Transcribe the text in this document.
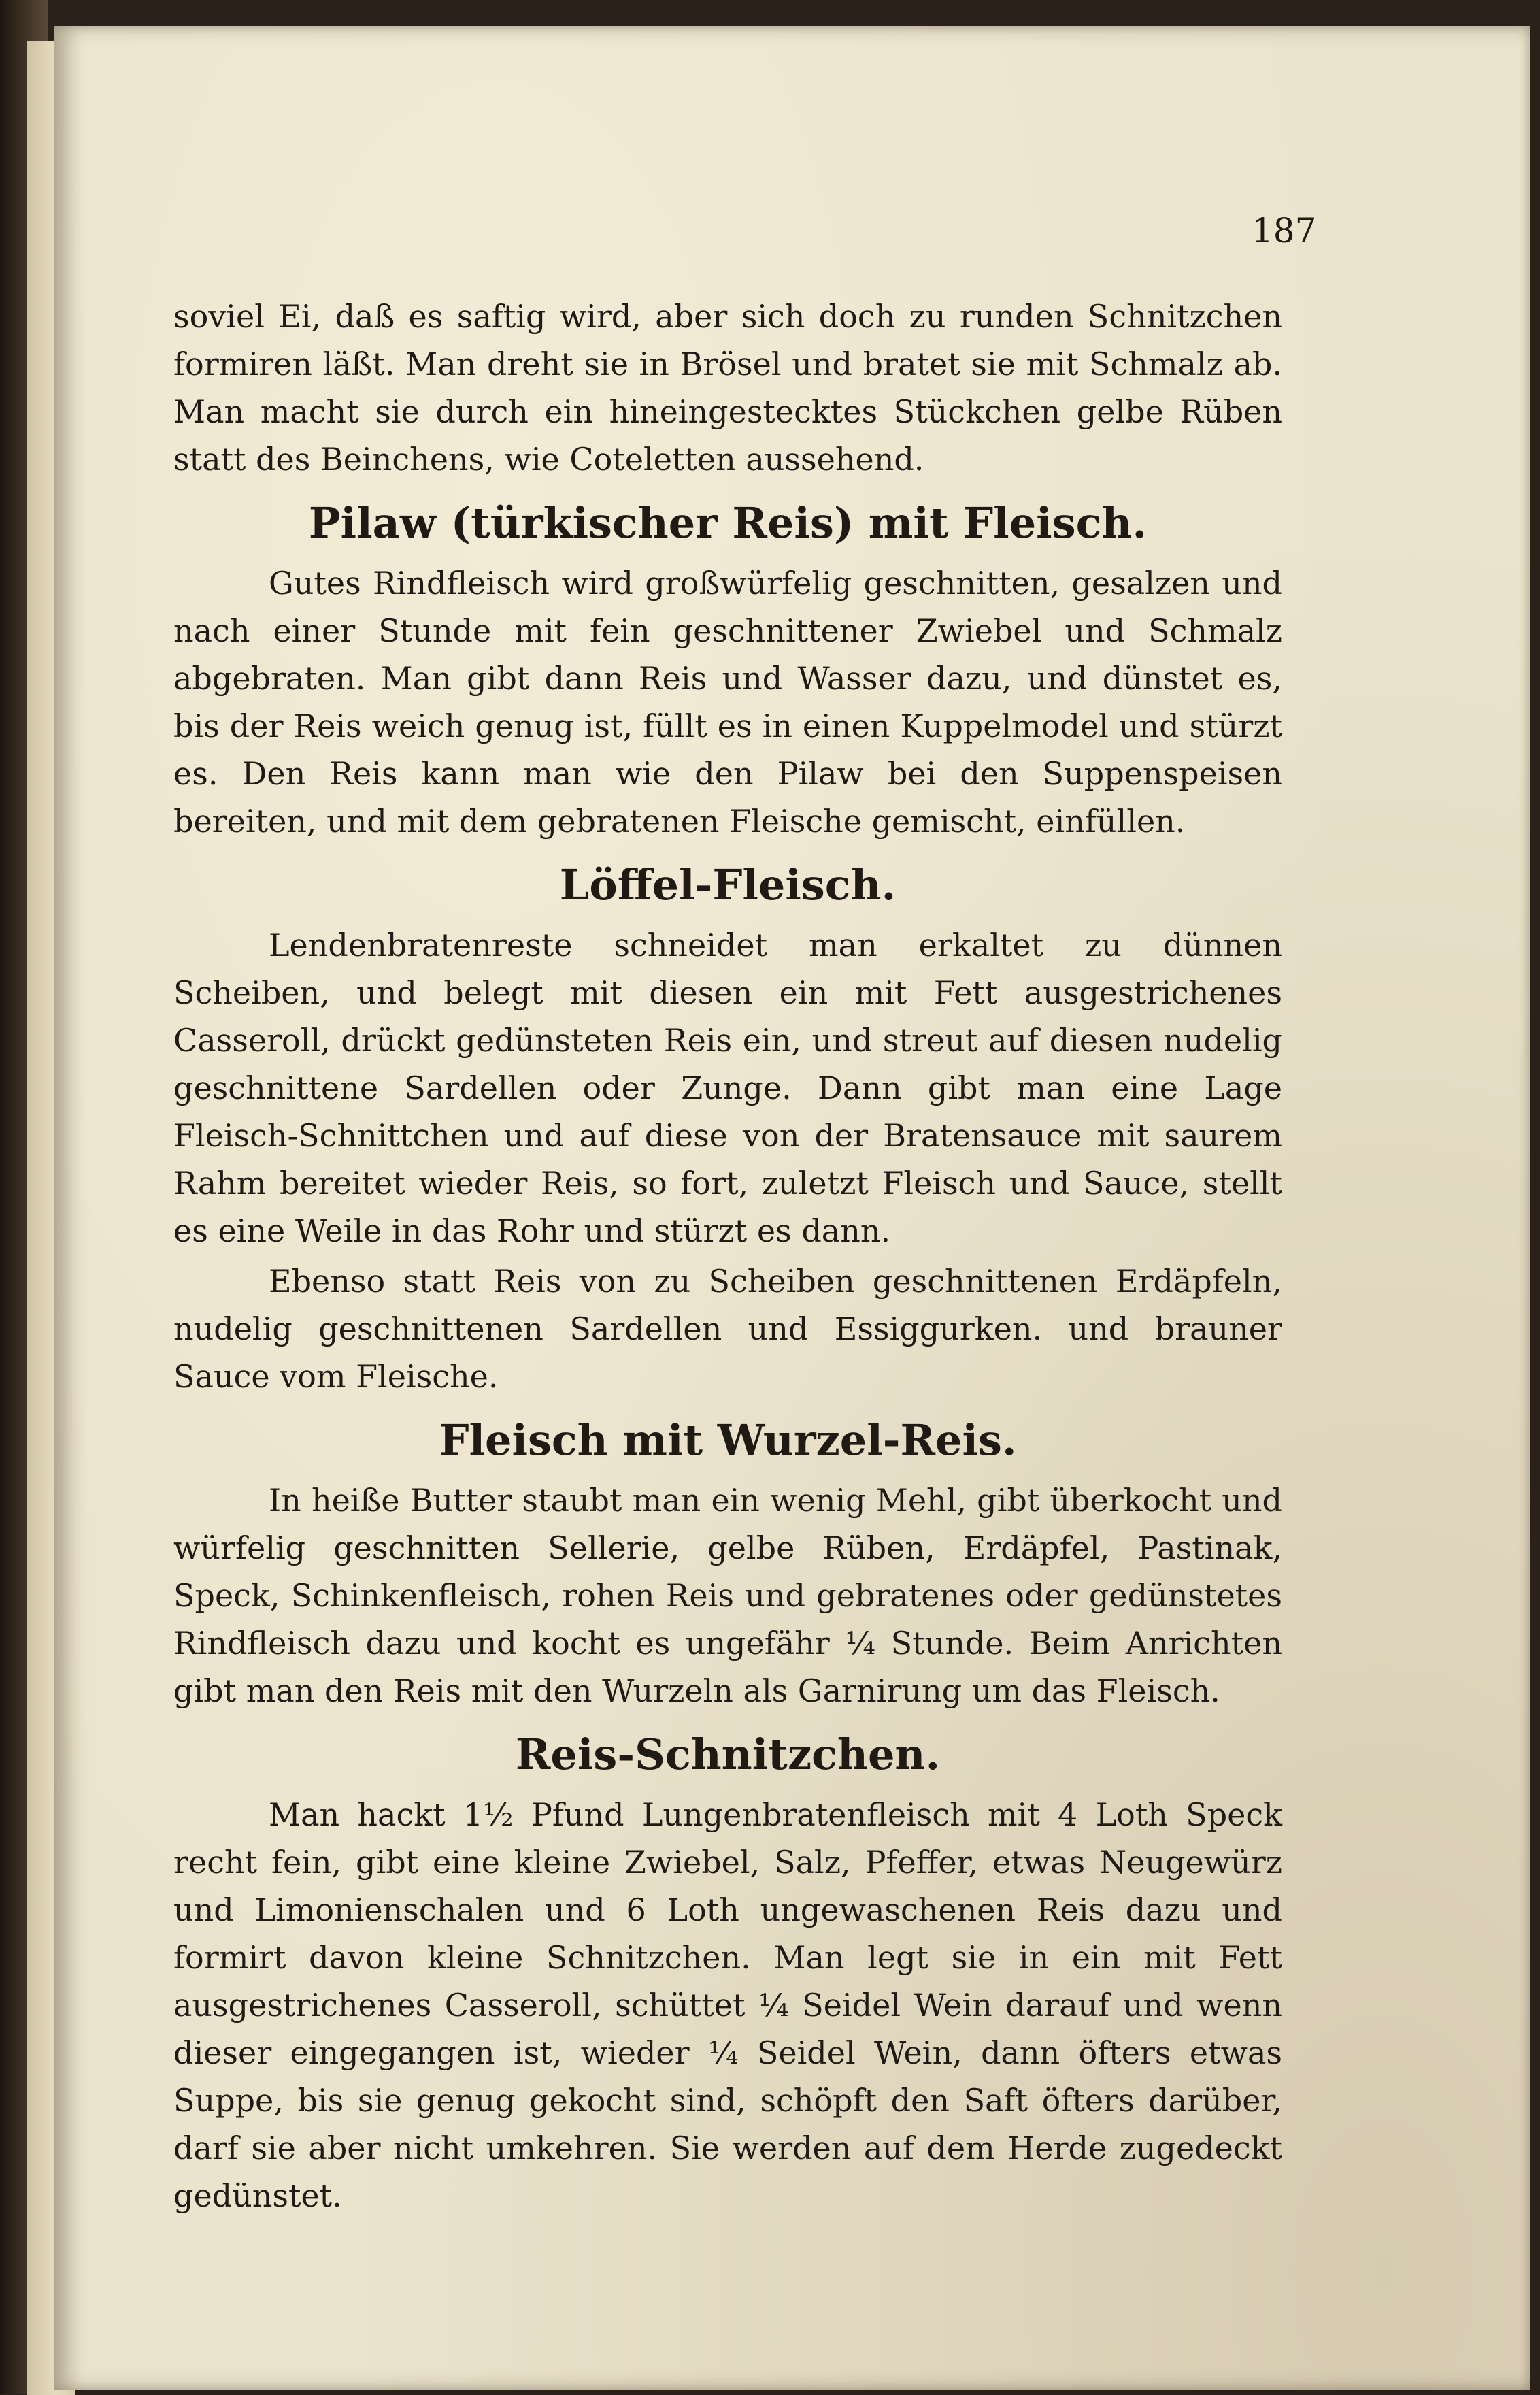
187

soviel Ei, daß es saftig wird, aber sich doch zu runden Schnitzchen formiren läßt. Man dreht sie in Brösel und bratet sie mit Schmalz ab. Man macht sie durch ein hineingestecktes Stückchen gelbe Rüben statt des Beinchens, wie Coteletten aussehend.

Pilaw (türkischer Reis) mit Fleisch.

Gutes Rindfleisch wird großwürfelig geschnitten, gesalzen und nach einer Stunde mit fein geschnittener Zwiebel und Schmalz abgebraten. Man gibt dann Reis und Wasser dazu, und dünstet es, bis der Reis weich genug ist, füllt es in einen Kuppelmodel und stürzt es. Den Reis kann man wie den Pilaw bei den Suppenspeisen bereiten, und mit dem gebratenen Fleische gemischt, einfüllen.

Löffel-Fleisch.

Lendenbratenreste schneidet man erkaltet zu dünnen Scheiben, und belegt mit diesen ein mit Fett ausgestrichenes Casseroll, drückt gedünsteten Reis ein, und streut auf diesen nudelig geschnittene Sardellen oder Zunge. Dann gibt man eine Lage Fleisch-Schnittchen und auf diese von der Bratensauce mit saurem Rahm bereitet wieder Reis, so fort, zuletzt Fleisch und Sauce, stellt es eine Weile in das Rohr und stürzt es dann.

Ebenso statt Reis von zu Scheiben geschnittenen Erdäpfeln, nudelig geschnittenen Sardellen und Essiggurken. und brauner Sauce vom Fleische.

Fleisch mit Wurzel-Reis.

In heiße Butter staubt man ein wenig Mehl, gibt überkocht und würfelig geschnitten Sellerie, gelbe Rüben, Erdäpfel, Pastinak, Speck, Schinkenfleisch, rohen Reis und gebratenes oder gedünstetes Rindfleisch dazu und kocht es ungefähr ¼ Stunde. Beim Anrichten gibt man den Reis mit den Wurzeln als Garnirung um das Fleisch.

Reis-Schnitzchen.

Man hackt 1½ Pfund Lungenbratenfleisch mit 4 Loth Speck recht fein, gibt eine kleine Zwiebel, Salz, Pfeffer, etwas Neugewürz und Limonienschalen und 6 Loth ungewaschenen Reis dazu und formirt davon kleine Schnitzchen. Man legt sie in ein mit Fett ausgestrichenes Casseroll, schüttet ¼ Seidel Wein darauf und wenn dieser eingegangen ist, wieder ¼ Seidel Wein, dann öfters etwas Suppe, bis sie genug gekocht sind, schöpft den Saft öfters darüber, darf sie aber nicht umkehren. Sie werden auf dem Herde zugedeckt gedünstet.
